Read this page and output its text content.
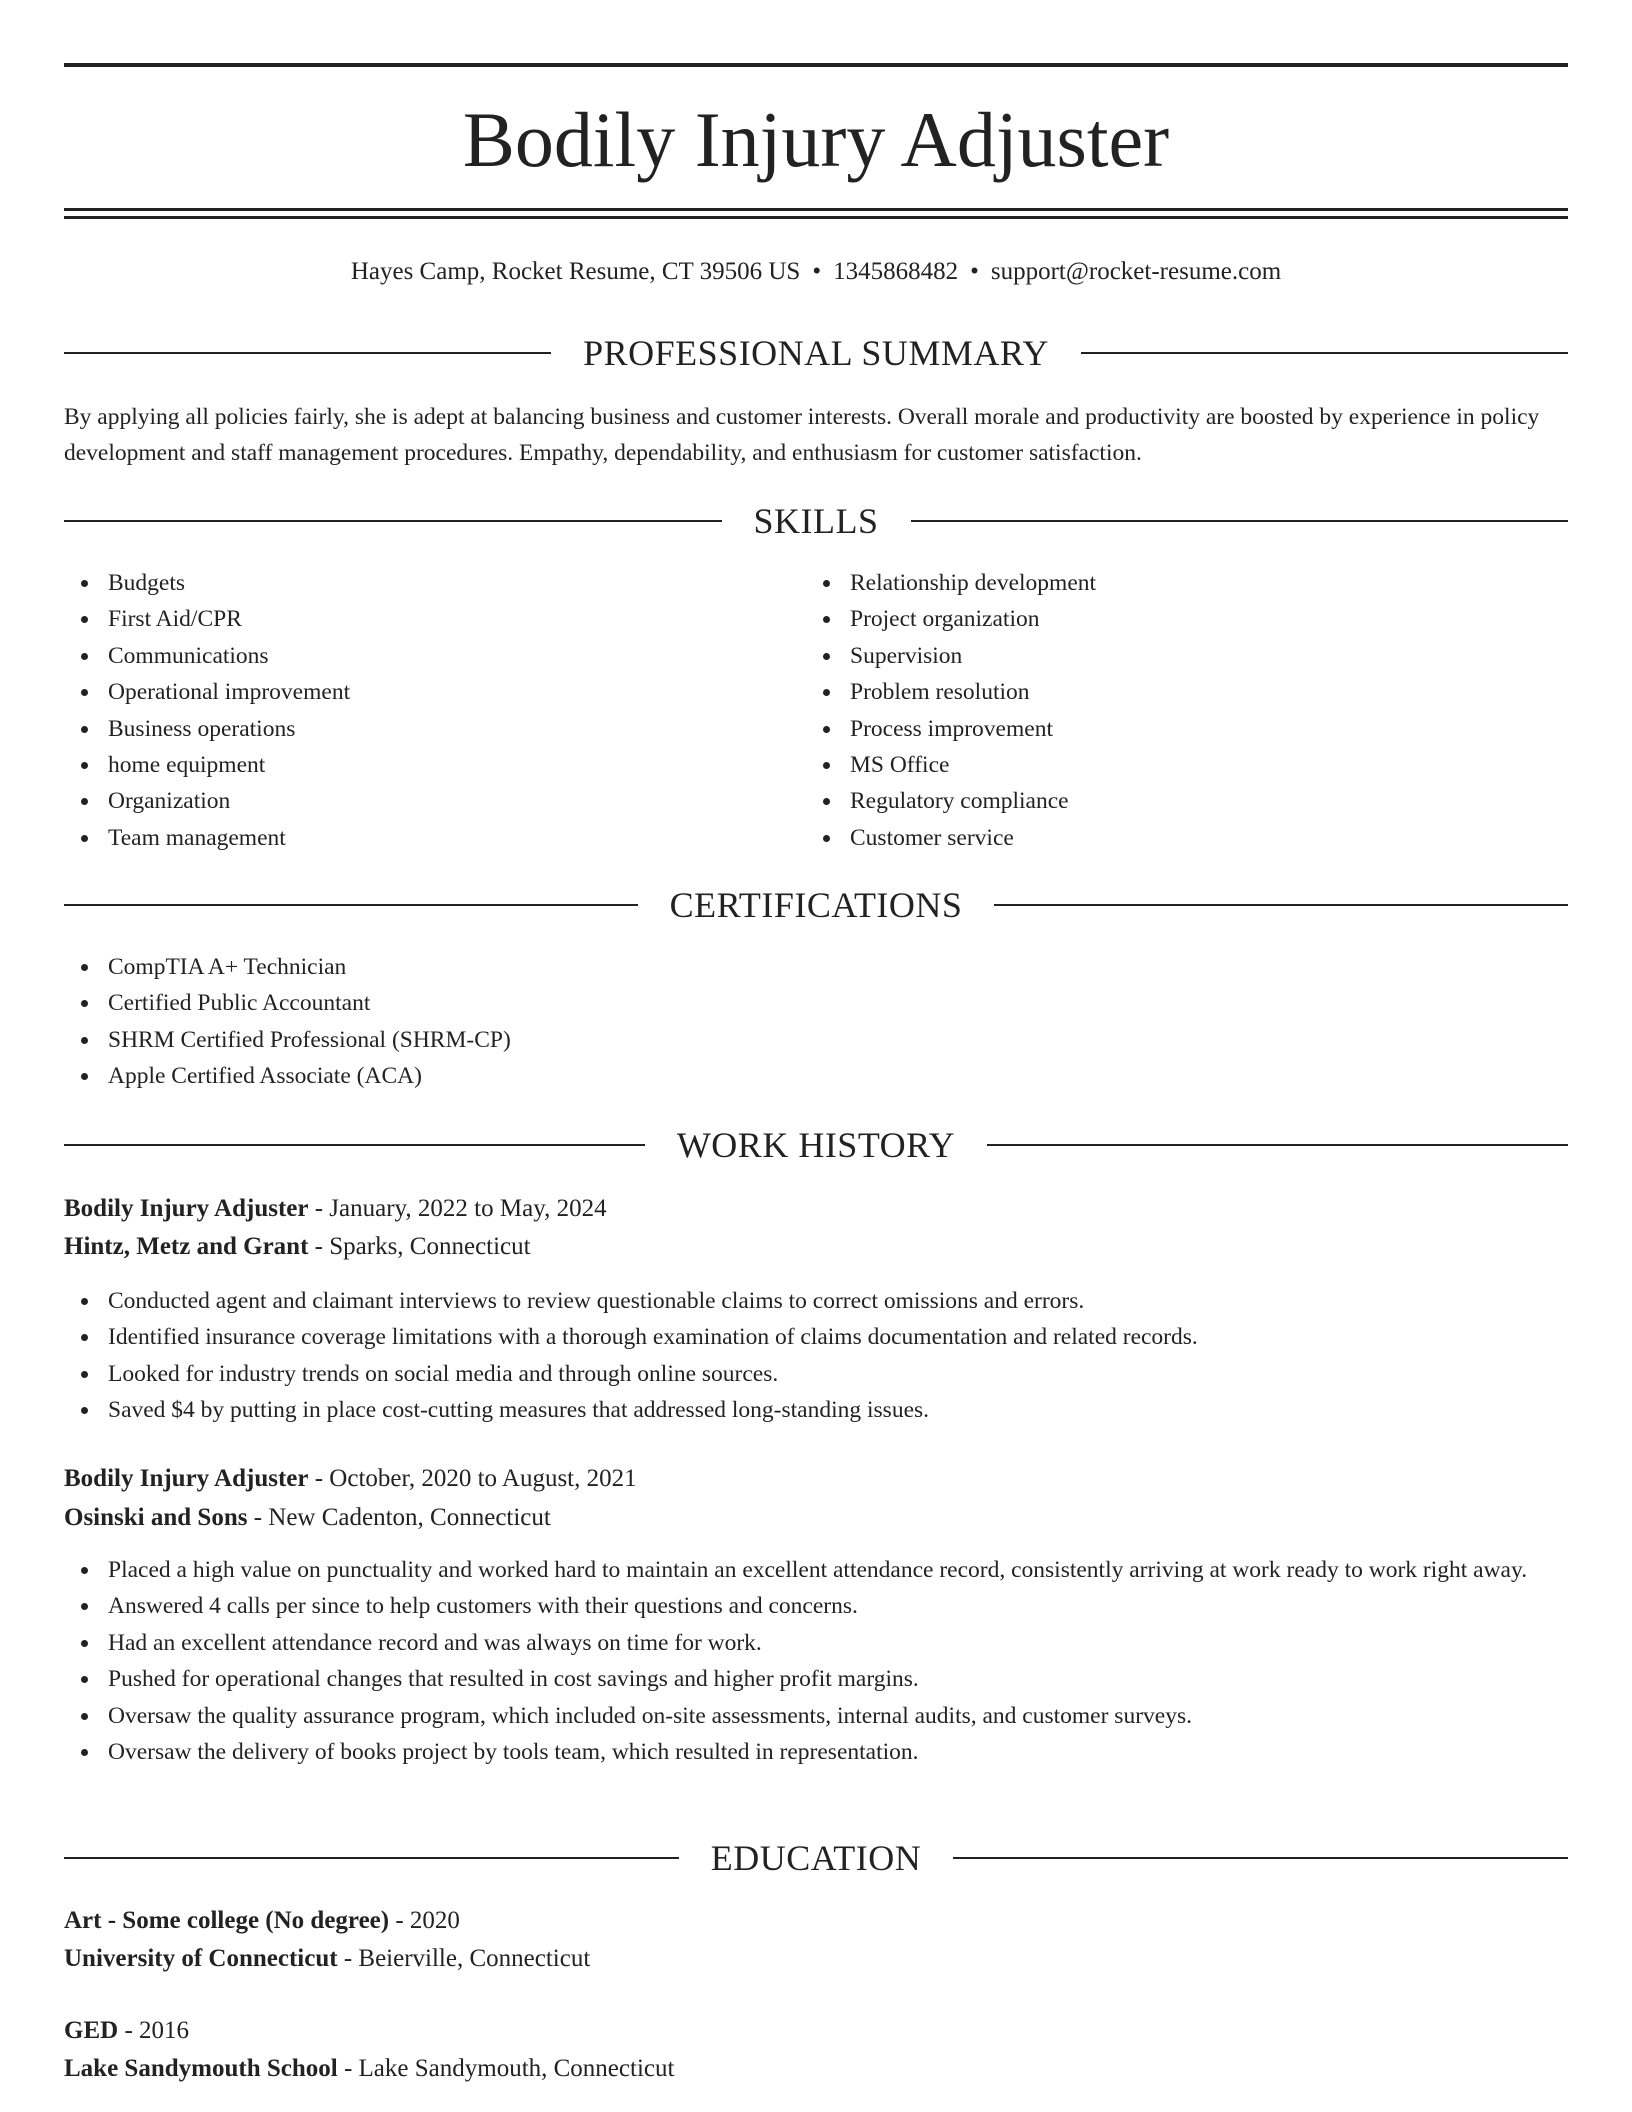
Bodily Injury Adjuster
Hayes Camp, Rocket Resume, CT 39506 US • 1345868482 • support@rocket-resume.com
PROFESSIONAL SUMMARY

By applying all policies fairly, she is adept at balancing business and customer interests. Overall morale and productivity are boosted by experience in policy development and staff management procedures. Empathy, dependability, and enthusiasm for customer satisfaction.

SKILLS
Budgets
First Aid/CPR
Communications
Operational improvement
Business operations
home equipment
Organization
Team management
Relationship development
Project organization
Supervision
Problem resolution
Process improvement
MS Office
Regulatory compliance
Customer service
CERTIFICATIONS
CompTIA A+ Technician
Certified Public Accountant
SHRM Certified Professional (SHRM-CP)
Apple Certified Associate (ACA)
WORK HISTORY
Bodily Injury Adjuster - January, 2022 to May, 2024
Hintz, Metz and Grant - Sparks, Connecticut
Conducted agent and claimant interviews to review questionable claims to correct omissions and errors.
Identified insurance coverage limitations with a thorough examination of claims documentation and related records.
Looked for industry trends on social media and through online sources.
Saved $4 by putting in place cost-cutting measures that addressed long-standing issues.
Bodily Injury Adjuster - October, 2020 to August, 2021
Osinski and Sons - New Cadenton, Connecticut
Placed a high value on punctuality and worked hard to maintain an excellent attendance record, consistently arriving at work ready to work right away.
Answered 4 calls per since to help customers with their questions and concerns.
Had an excellent attendance record and was always on time for work.
Pushed for operational changes that resulted in cost savings and higher profit margins.
Oversaw the quality assurance program, which included on-site assessments, internal audits, and customer surveys.
Oversaw the delivery of books project by tools team, which resulted in representation.
EDUCATION
Art - Some college (No degree) - 2020
University of Connecticut - Beierville, Connecticut
GED - 2016
Lake Sandymouth School - Lake Sandymouth, Connecticut
